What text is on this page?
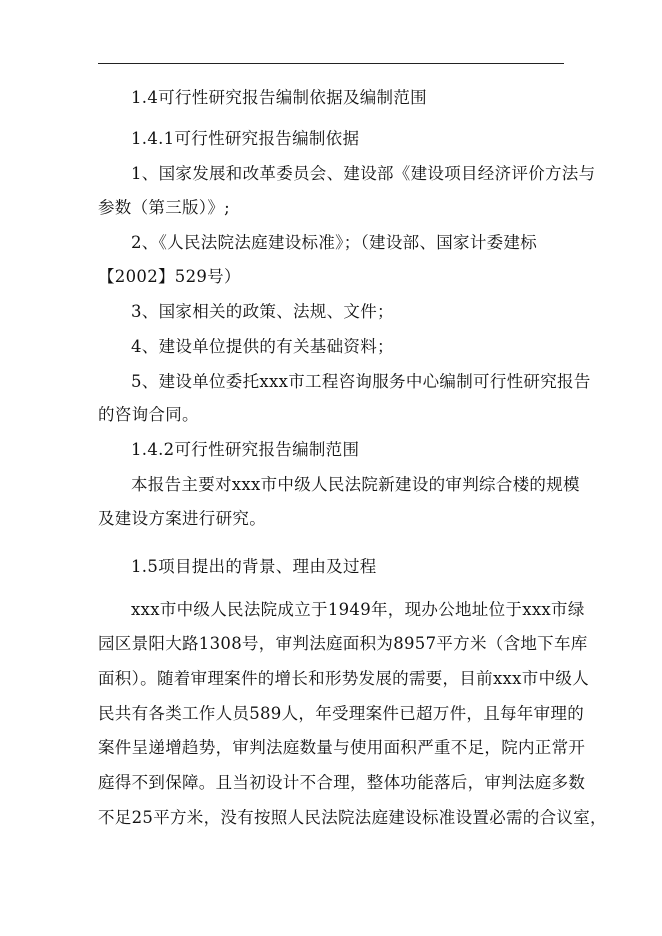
1.4可行性研究报告编制依据及编制范围
1.4.1可行性研究报告编制依据
1、国家发展和改革委员会、建设部《建设项目经济评价方法与
参数（第三版）》;
2、《人民法院法庭建设标准》；（建设部、国家计委建标
【2002】529号）
3、国家相关的政策、法规、文件；
4、建设单位提供的有关基础资料；
5、建设单位委托xxx市工程咨询服务中心编制可行性研究报告
的咨询合同。
1.4.2可行性研究报告编制范围
本报告主要对xxx市中级人民法院新建设的审判综合楼的规模
及建设方案进行研究。
1.5项目提出的背景、理由及过程
xxx市中级人民法院成立于1949年，现办公地址位于xxx市绿
园区景阳大路1308号，审判法庭面积为8957平方米（含地下车库
面积）。随着审理案件的增长和形势发展的需要，目前xxx市中级人
民共有各类工作人员589人，年受理案件已超万件，且每年审理的
案件呈递增趋势，审判法庭数量与使用面积严重不足，院内正常开
庭得不到保障。且当初设计不合理，整体功能落后，审判法庭多数
不足25平方米，没有按照人民法院法庭建设标准设置必需的合议室，
